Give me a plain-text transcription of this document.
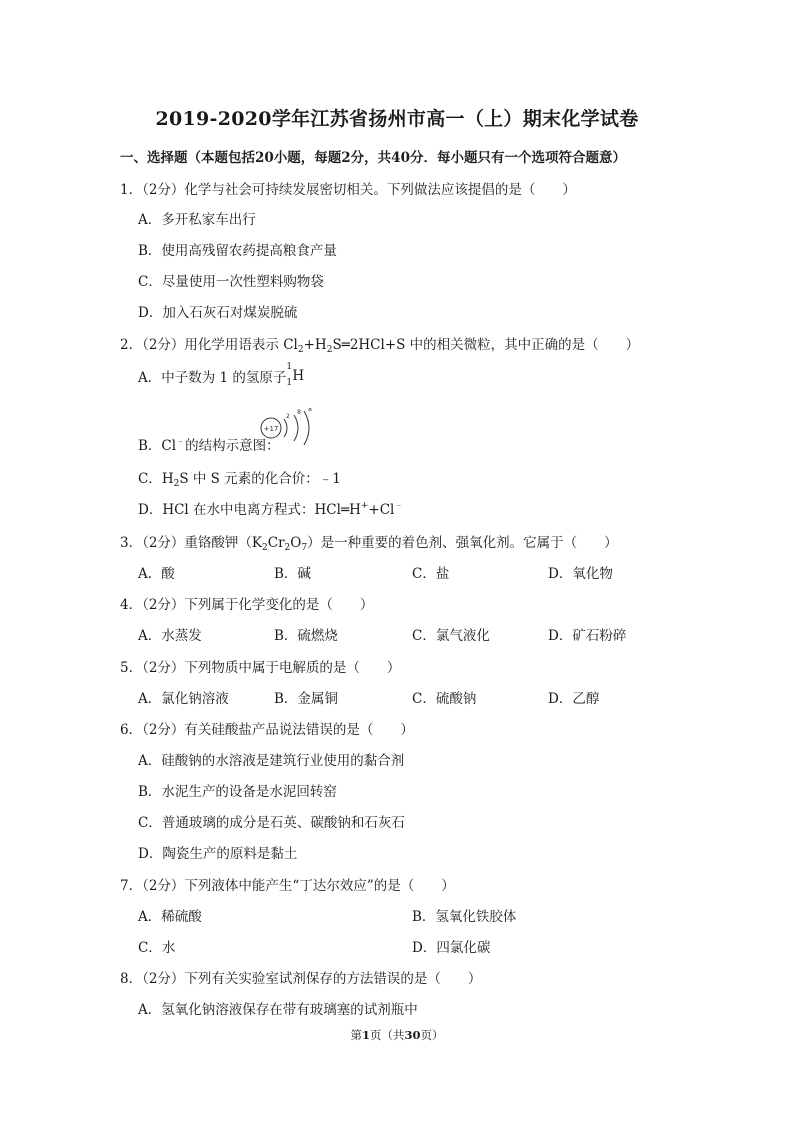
2019-2020学年江苏省扬州市高一（上）期末化学试卷
一、选择题（本题包括20小题，每题2分，共40分．每小题只有一个选项符合题意）
1．（2分）化学与社会可持续发展密切相关。下列做法应该提倡的是（　　）
A．多开私家车出行
B．使用高残留农药提高粮食产量
C．尽量使用一次性塑料购物袋
D．加入石灰石对煤炭脱硫
2．（2分）用化学用语表示 $Cl_2+H_2S═2HCl+S$ 中的相关微粒，其中正确的是（　　）
A．中子数为 1 的氢原子
1
1 H
+17
2
8 8
B．Cl﹣的结构示意图：
C．$H_2S$ 中 S 元素的化合价：﹣1
D．HCl 在水中电离方程式：HCl═H++Cl﹣
3．（2分）重铬酸钾$(K_2Cr_2O_7)$是一种重要的着色剂、强氧化剂。它属于（　　）
A．酸	B．碱	C．盐	D．氧化物
4．（2分）下列属于化学变化的是（　　）
A．水蒸发	B．硫燃烧	C．氯气液化	D．矿石粉碎
5．（2分）下列物质中属于电解质的是（　　）
A．氯化钠溶液	B．金属铜	C．硫酸钠	D．乙醇
6．（2分）有关硅酸盐产品说法错误的是（　　）
A．硅酸钠的水溶液是建筑行业使用的黏合剂
B．水泥生产的设备是水泥回转窑
C．普通玻璃的成分是石英、碳酸钠和石灰石
D．陶瓷生产的原料是黏土
7．（2分）下列液体中能产生“丁达尔效应”的是（　　）
A．稀硫酸	B．氢氧化铁胶体
C．水	D．四氯化碳
8．（2分）下列有关实验室试剂保存的方法错误的是（　　）
A．氢氧化钠溶液保存在带有玻璃塞的试剂瓶中
第1页（共30页）
